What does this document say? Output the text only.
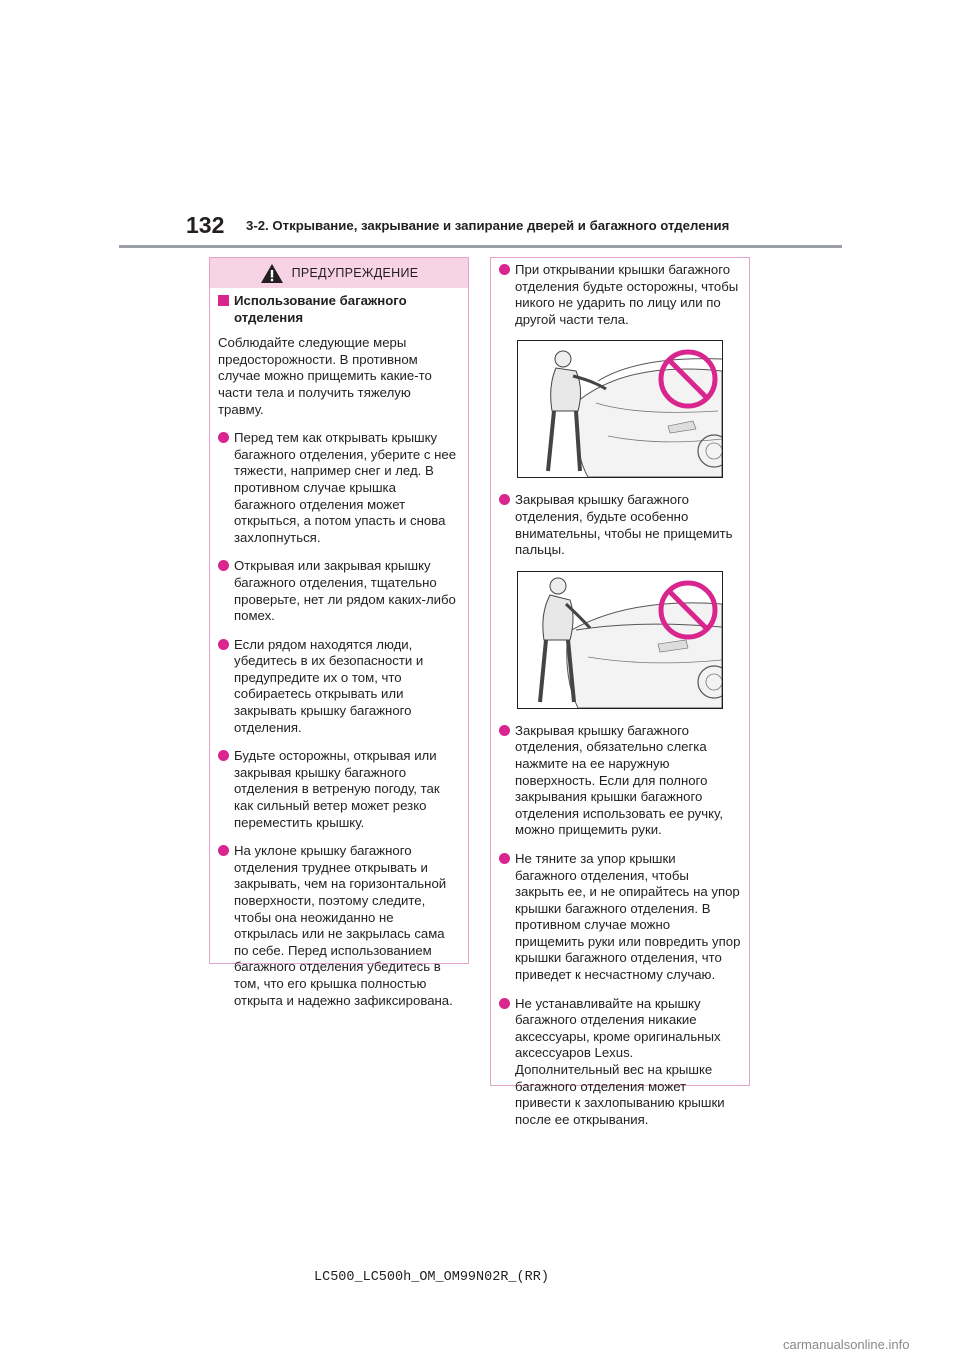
132 3-2. Открывание, закрывание и запирание дверей и багажного отделения
ПРЕДУПРЕЖДЕНИЕ
Использование багажного отделения
Соблюдайте следующие меры предосторожности. В противном случае можно прищемить какие-то части тела и получить тяжелую травму.
Перед тем как открывать крышку багажного отделения, уберите с нее тяжести, например снег и лед. В противном случае крышка багажного отделения может открыться, а потом упасть и снова захлопнуться.
Открывая или закрывая крышку багажного отделения, тщательно проверьте, нет ли рядом каких-либо помех.
Если рядом находятся люди, убедитесь в их безопасности и предупредите их о том, что собираетесь открывать или закрывать крышку багажного отделения.
Будьте осторожны, открывая или закрывая крышку багажного отделения в ветреную погоду, так как сильный ветер может резко переместить крышку.
На уклоне крышку багажного отделения труднее открывать и закрывать, чем на горизонтальной поверхности, поэтому следите, чтобы она неожиданно не открылась или не закрылась сама по себе. Перед использованием багажного отделения убедитесь в том, что его крышка полностью открыта и надежно зафиксирована.
При открывании крышки багажного отделения будьте осторожны, чтобы никого не ударить по лицу или по другой части тела.
Закрывая крышку багажного отделения, будьте особенно внимательны, чтобы не прищемить пальцы.
Закрывая крышку багажного отделения, обязательно слегка нажмите на ее наружную поверхность. Если для полного закрывания крышки багажного отделения использовать ее ручку, можно прищемить руки.
Не тяните за упор крышки багажного отделения, чтобы закрыть ее, и не опирайтесь на упор крышки багажного отделения. В противном случае можно прищемить руки или повредить упор крышки багажного отделения, что приведет к несчастному случаю.
Не устанавливайте на крышку багажного отделения никакие аксессуары, кроме оригинальных аксессуаров Lexus. Дополнительный вес на крышке багажного отделения может привести к захлопыванию крышки после ее открывания.
LC500_LC500h_OM_OM99N02R_(RR)
carmanualsonline.info
